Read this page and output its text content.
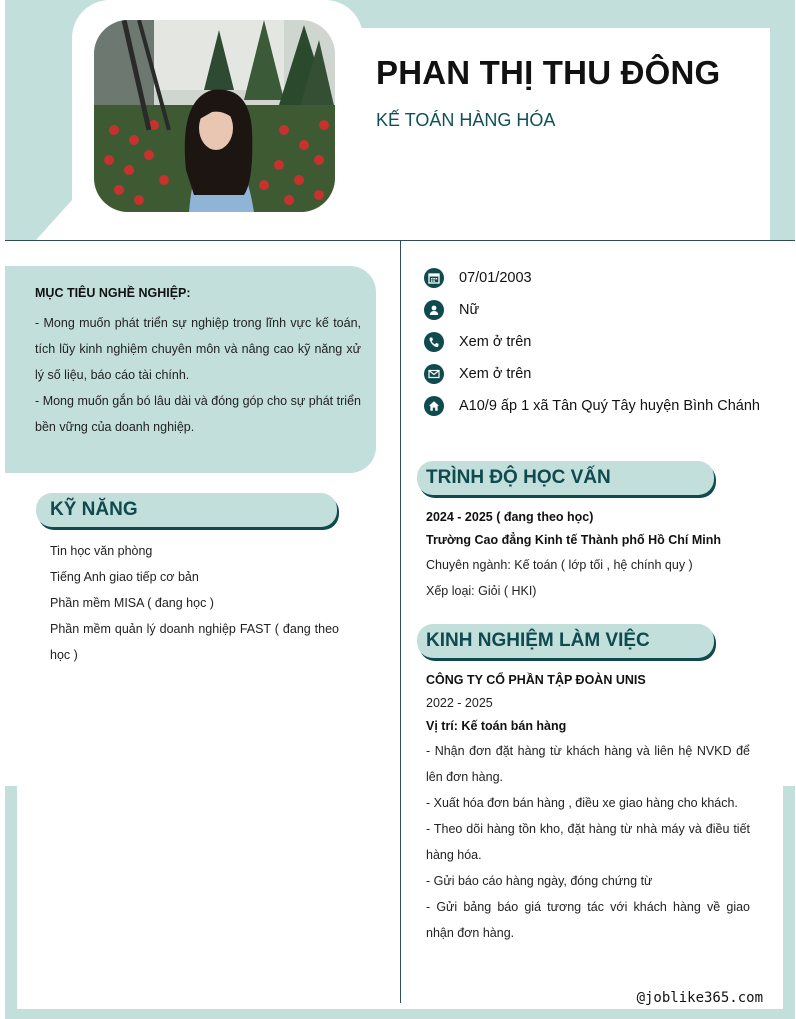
PHAN THỊ THU ĐÔNG
KẾ TOÁN HÀNG HÓA
MỤC TIÊU NGHỀ NGHIỆP:

- Mong muốn phát triển sự nghiệp trong lĩnh vực kế toán, tích lũy kinh nghiệm chuyên môn và nâng cao kỹ năng xử lý số liệu, báo cáo tài chính.

- Mong muốn gắn bó lâu dài và đóng góp cho sự phát triển bền vững của doanh nghiệp.

KỸ NĂNG
Tin học văn phòng
Tiếng Anh giao tiếp cơ bản
Phần mềm MISA ( đang học )
Phần mềm quản lý doanh nghiệp FAST ( đang theo học )
07/01/2003
Nữ
Xem ở trên
Xem ở trên
A10/9 ấp 1 xã Tân Quý Tây huyện Bình Chánh
TRÌNH ĐỘ HỌC VẤN
2024 - 2025 ( đang theo học)
Trường Cao đẳng Kinh tế Thành phố Hồ Chí Minh
Chuyên ngành: Kế toán ( lớp tối , hệ chính quy )
Xếp loại: Giỏi ( HKI)
KINH NGHIỆM LÀM VIỆC
CÔNG TY CỔ PHẦN TẬP ĐOÀN UNIS
2022 - 2025
Vị trí: Kế toán bán hàng
- Nhận đơn đặt hàng từ khách hàng và liên hệ NVKD để lên đơn hàng.
- Xuất hóa đơn bán hàng , điều xe giao hàng cho khách.
- Theo dõi hàng tồn kho, đặt hàng từ nhà máy và điều tiết hàng hóa.
- Gửi báo cáo hàng ngày, đóng chứng từ
- Gửi bảng báo giá tương tác với khách hàng về giao nhận đơn hàng.
@joblike365.com
